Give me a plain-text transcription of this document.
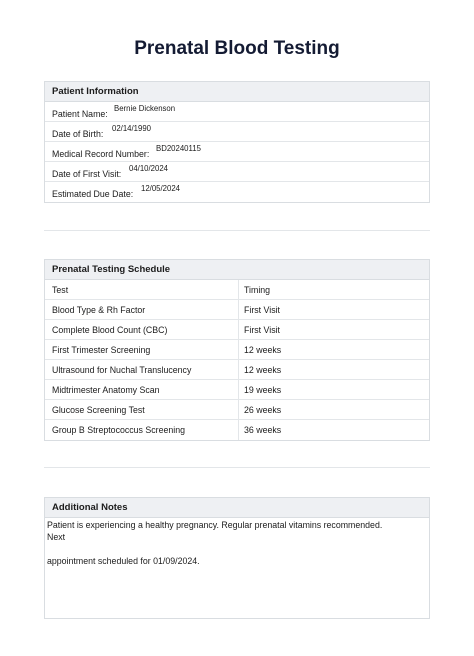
Prenatal Blood Testing
Patient Information
Patient Name:
Bernie Dickenson
Date of Birth:
02/14/1990
Medical Record Number:
BD20240115
Date of First Visit:
04/10/2024
Estimated Due Date:
12/05/2024
Prenatal Testing Schedule
Test	Timing
Blood Type & Rh Factor	First Visit
Complete Blood Count (CBC)	First Visit
First Trimester Screening	12 weeks
Ultrasound for Nuchal Translucency	12 weeks
Midtrimester Anatomy Scan	19 weeks
Glucose Screening Test	26 weeks
Group B Streptococcus Screening	36 weeks
Additional Notes

Patient is experiencing a healthy pregnancy. Regular prenatal vitamins recommended.

Next

appointment scheduled for 01/09/2024.
